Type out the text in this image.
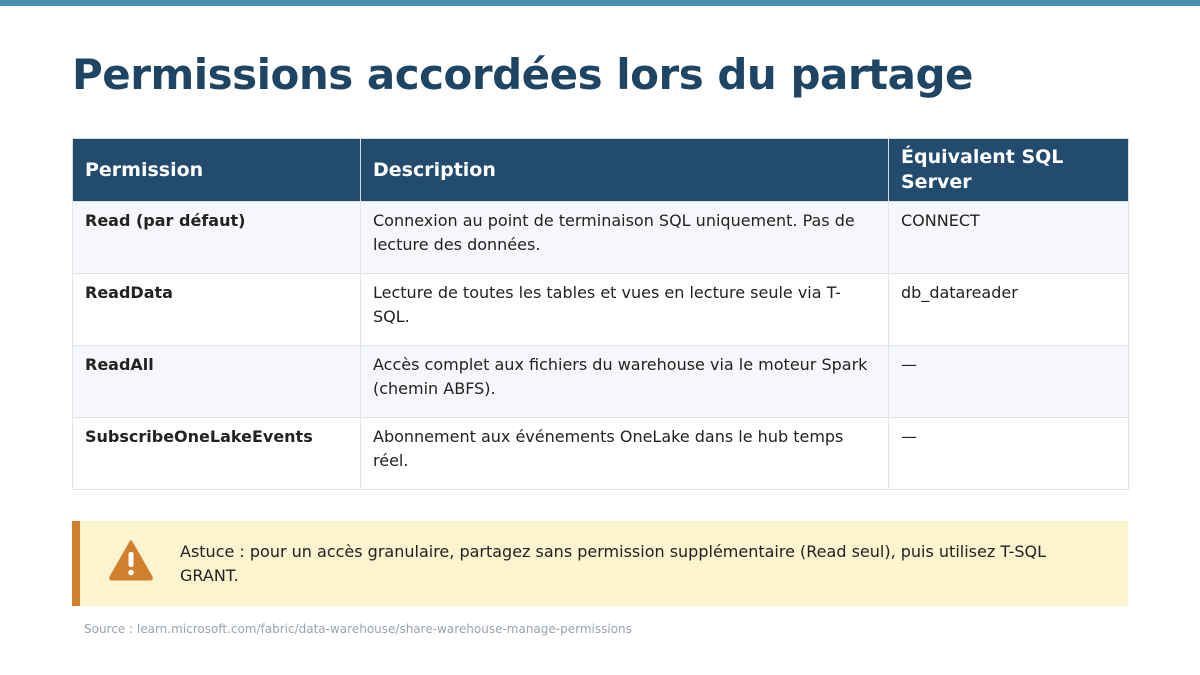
Permissions accordées lors du partage
Permission	Description	Équivalent SQL Server
Read (par défaut)	Connexion au point de terminaison SQL uniquement. Pas de lecture des données.	CONNECT
ReadData	Lecture de toutes les tables et vues en lecture seule via T-SQL.	db_datareader
ReadAll	Accès complet aux fichiers du warehouse via le moteur Spark (chemin ABFS).	—
SubscribeOneLakeEvents	Abonnement aux événements OneLake dans le hub temps réel.	—
Astuce : pour un accès granulaire, partagez sans permission supplémentaire (Read seul), puis utilisez T-SQL GRANT.
Source : learn.microsoft.com/fabric/data-warehouse/share-warehouse-manage-permissions
